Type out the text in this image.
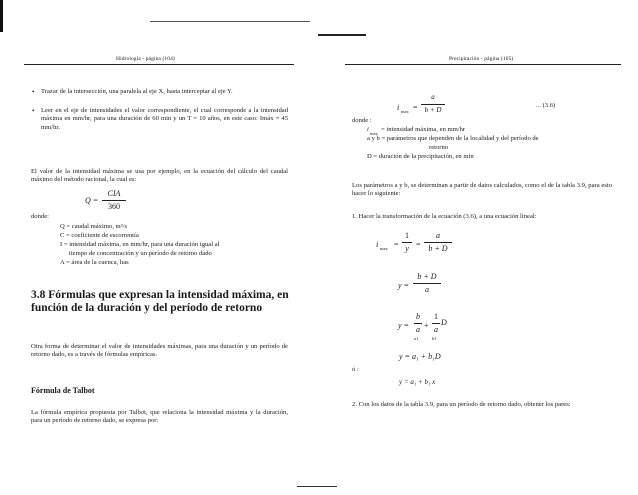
Hidrología - página (104)
• Trazar de la intersección, una paralela al eje X, hasta interceptar al eje Y.
• Leer en el eje de intensidades el valor correspondiente, el cual corresponde a la intensidad máxima en mm/hr, para una duración de 60 min y un T = 10 años, en este caso: Imáx = 45 mm/hr.
El valor de la intensidad máxima se usa por ejemplo, en la ecuación del cálculo del caudal máximo del método racional, la cual es:
Q =
CIA
360
donde:
Q = caudal máximo, m³/s
C = coeficiente de escorrentía
I = intensidad máxima, en mm/hr, para una duración igual al
tiempo de concentración y un período de retorno dado
A = área de la cuenca, has
3.8 Fórmulas que expresan la intensidad máxima, en función de la duración y del período de retorno
Otra forma de determinar el valor de intensidades máximas, para una duración y un período de retorno dado, es a través de fórmulas empíricas.
Fórmula de Talbot
La fórmula empírica propuesta por Talbot, que relaciona la intensidad máxima y la duración, para un período de retorno dado, se expresa por:
Precipitación - página (105)
i max =
a
b + D
... (3.6)
donde :
i
max
= intensidad máxima, en mm/hr
a y b = parámetros que dependen de la localidad y del período de
retorno
D = duración de la precipitación, en min
Los parámetros a y b, se determinan a partir de datos calculados, como el de la tabla 3.9, para esto hacer lo siguiente:
1. Hacer la transformación de la ecuación (3.6), a una ecuación lineal:
i max =
1
y =
a
b + D
y =
b + D
a
y =
b
a +
1
a
D
a1	b1
y = a₁ + b₁D
ó :
y = a₁ + b₁ x
2. Con los datos de la tabla 3.9, para un período de retorno dado, obtener los pares:
